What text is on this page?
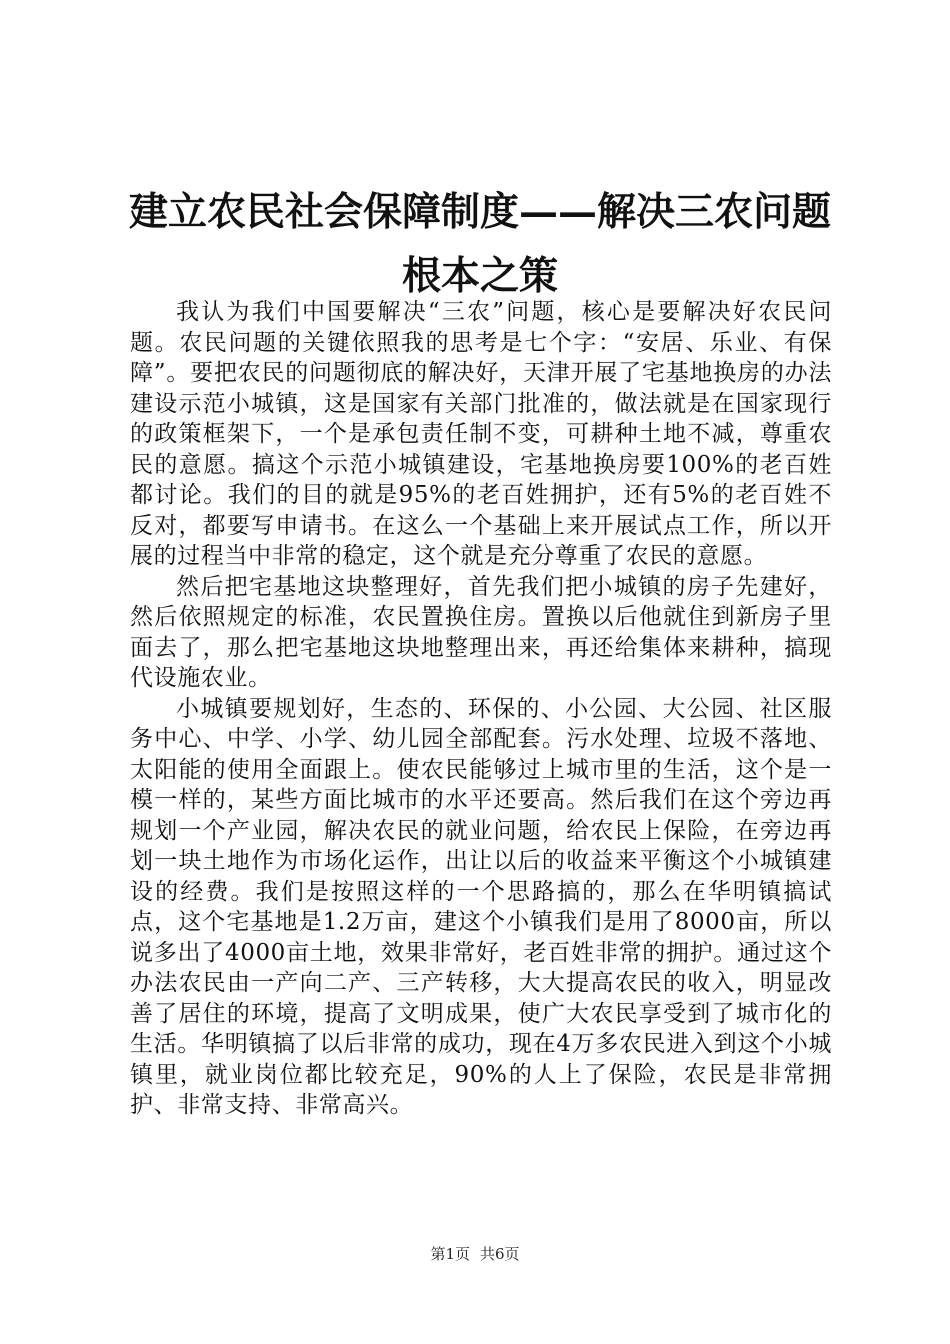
建立农民社会保障制度——解决三农问题根本之策

我认为我们中国要解决“三农”问题，核心是要解决好农民问题。农民问题的关键依照我的思考是七个字：“安居、乐业、有保障”。要把农民的问题彻底的解决好，天津开展了宅基地换房的办法建设示范小城镇，这是国家有关部门批准的，做法就是在国家现行的政策框架下，一个是承包责任制不变，可耕种土地不减，尊重农民的意愿。搞这个示范小城镇建设，宅基地换房要100%的老百姓都讨论。我们的目的就是95%的老百姓拥护，还有5%的老百姓不反对，都要写申请书。在这么一个基础上来开展试点工作，所以开展的过程当中非常的稳定，这个就是充分尊重了农民的意愿。

然后把宅基地这块整理好，首先我们把小城镇的房子先建好，然后依照规定的标准，农民置换住房。置换以后他就住到新房子里面去了，那么把宅基地这块地整理出来，再还给集体来耕种，搞现代设施农业。

小城镇要规划好，生态的、环保的、小公园、大公园、社区服务中心、中学、小学、幼儿园全部配套。污水处理、垃圾不落地、太阳能的使用全面跟上。使农民能够过上城市里的生活，这个是一模一样的，某些方面比城市的水平还要高。然后我们在这个旁边再规划一个产业园，解决农民的就业问题，给农民上保险，在旁边再划一块土地作为市场化运作，出让以后的收益来平衡这个小城镇建设的经费。我们是按照这样的一个思路搞的，那么在华明镇搞试点，这个宅基地是1.2万亩，建这个小镇我们是用了8000亩，所以说多出了4000亩土地，效果非常好，老百姓非常的拥护。通过这个办法农民由一产向二产、三产转移，大大提高农民的收入，明显改善了居住的环境，提高了文明成果，使广大农民享受到了城市化的生活。华明镇搞了以后非常的成功，现在4万多农民进入到这个小城镇里，就业岗位都比较充足，90%的人上了保险，农民是非常拥护、非常支持、非常高兴。

第1页 共6页
